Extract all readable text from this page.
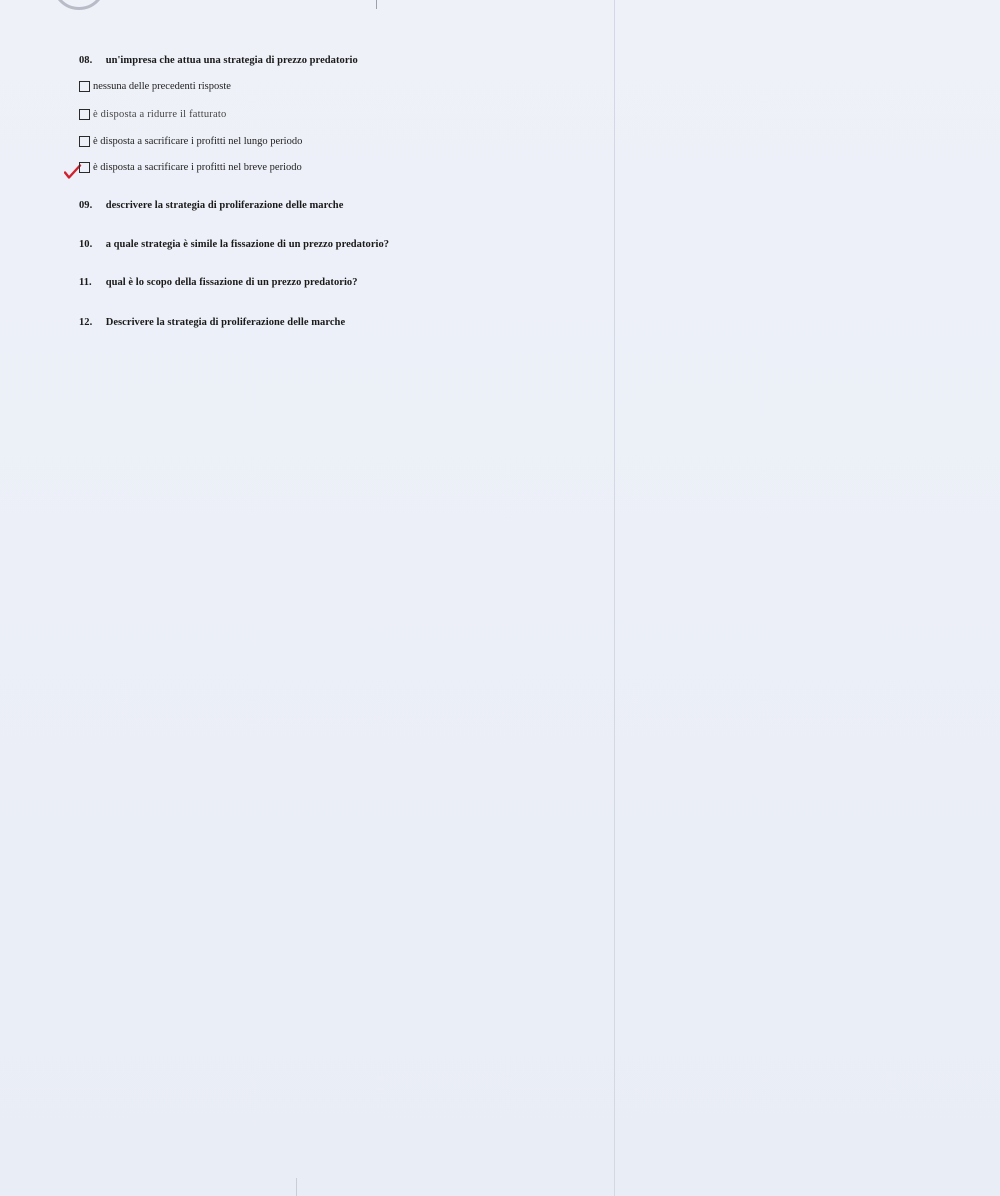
08. un'impresa che attua una strategia di prezzo predatorio
nessuna delle precedenti risposte
è disposta a ridurre il fatturato
è disposta a sacrificare i profitti nel lungo periodo
è disposta a sacrificare i profitti nel breve periodo
09. descrivere la strategia di proliferazione delle marche
10. a quale strategia è simile la fissazione di un prezzo predatorio?
11. qual è lo scopo della fissazione di un prezzo predatorio?
12. Descrivere la strategia di proliferazione delle marche
